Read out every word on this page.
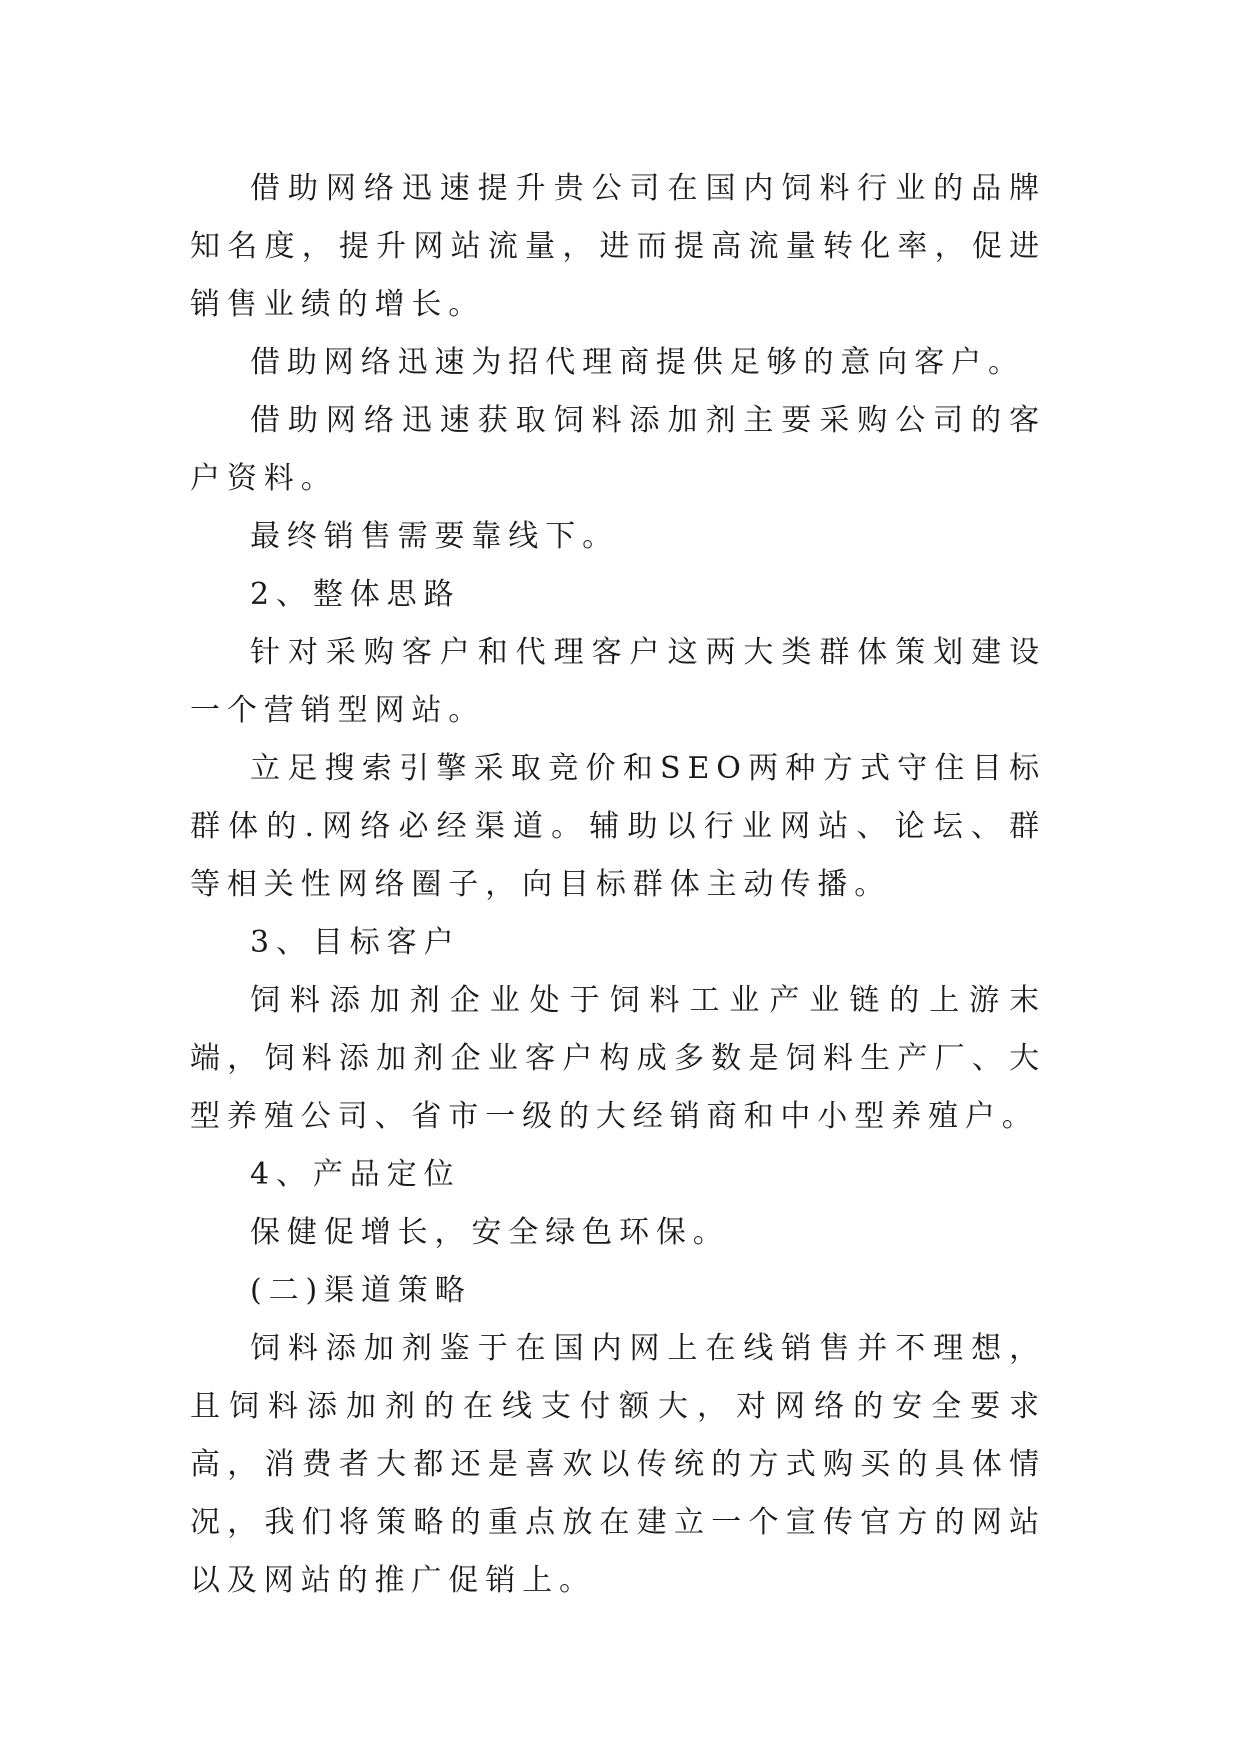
借助网络迅速提升贵公司在国内饲料行业的品牌知名度，提升网站流量，进而提高流量转化率，促进销售业绩的增长。

借助网络迅速为招代理商提供足够的意向客户。

借助网络迅速获取饲料添加剂主要采购公司的客户资料。

最终销售需要靠线下。

2、整体思路

针对采购客户和代理客户这两大类群体策划建设一个营销型网站。

立足搜索引擎采取竞价和SEO两种方式守住目标群体的.网络必经渠道。辅助以行业网站、论坛、群等相关性网络圈子，向目标群体主动传播。

3、目标客户

饲料添加剂企业处于饲料工业产业链的上游末端，饲料添加剂企业客户构成多数是饲料生产厂、大型养殖公司、省市一级的大经销商和中小型养殖户。

4、产品定位

保健促增长，安全绿色环保。

(二)渠道策略

饲料添加剂鉴于在国内网上在线销售并不理想，且饲料添加剂的在线支付额大，对网络的安全要求高，消费者大都还是喜欢以传统的方式购买的具体情况，我们将策略的重点放在建立一个宣传官方的网站以及网站的推广促销上。
